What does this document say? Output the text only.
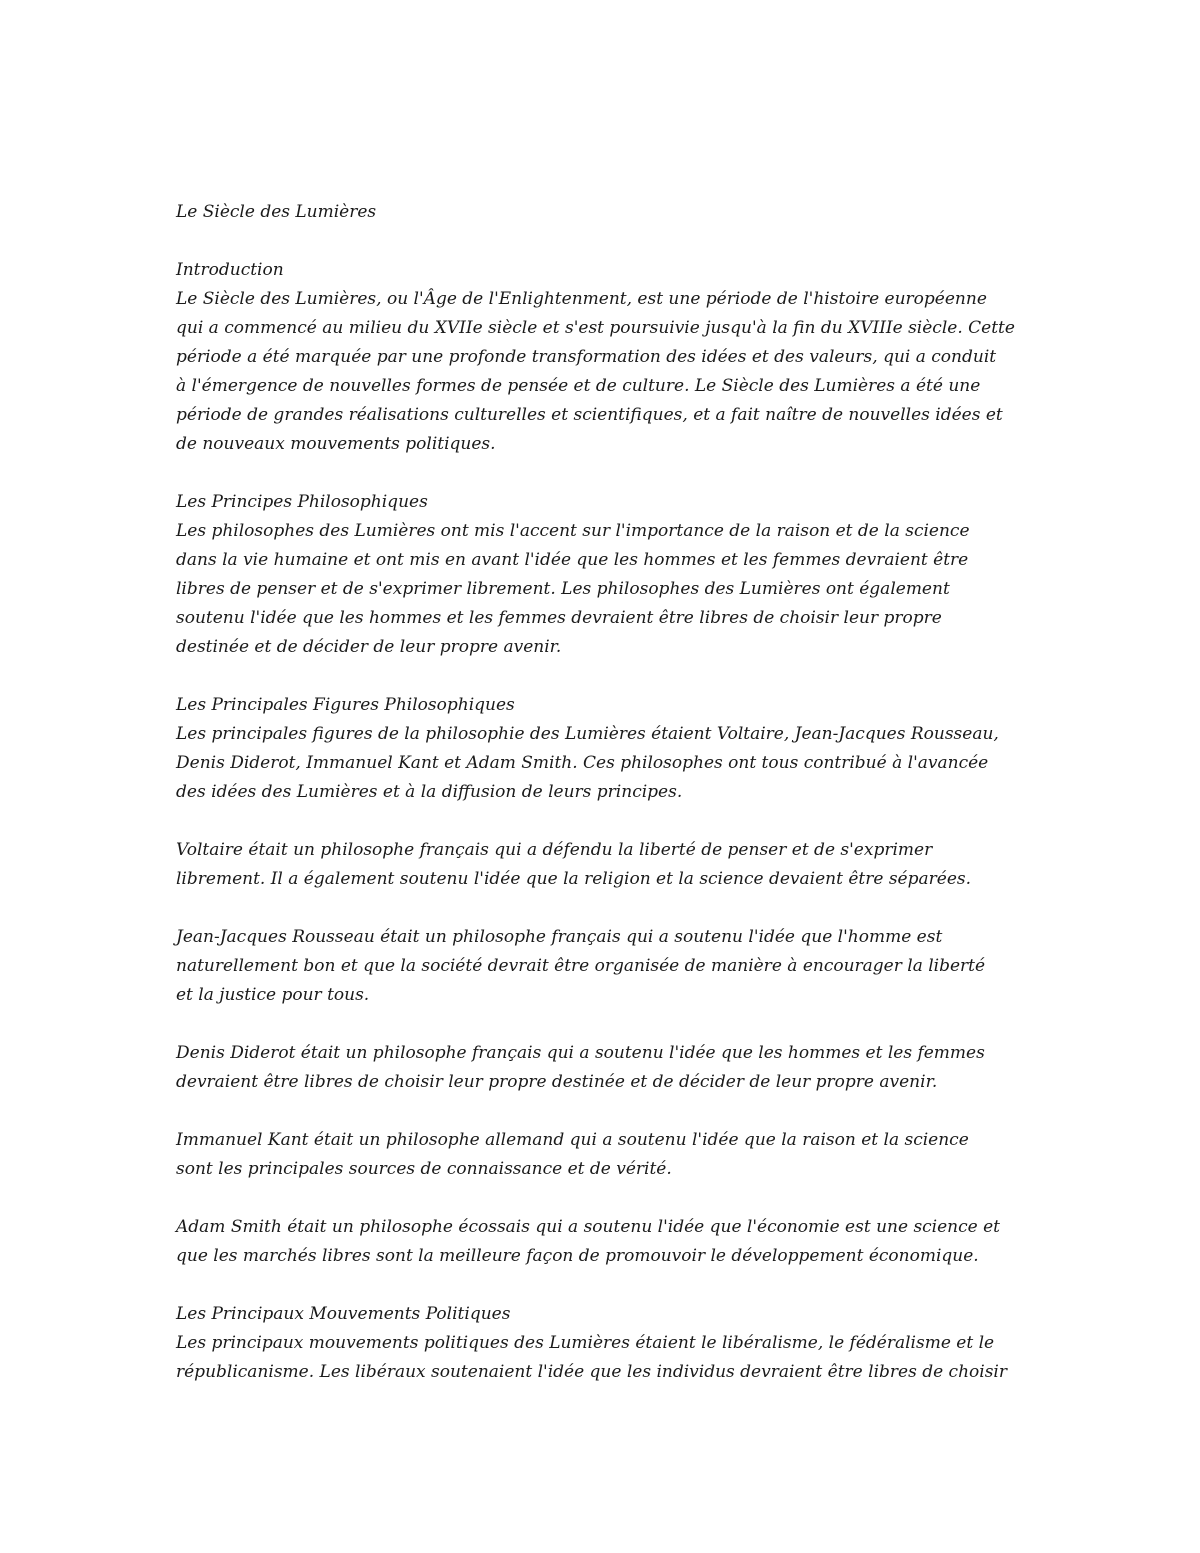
Le Siècle des Lumières
Introduction
Le Siècle des Lumières, ou l'Âge de l'Enlightenment, est une période de l'histoire européenne
qui a commencé au milieu du XVIIe siècle et s'est poursuivie jusqu'à la fin du XVIIIe siècle. Cette
période a été marquée par une profonde transformation des idées et des valeurs, qui a conduit
à l'émergence de nouvelles formes de pensée et de culture. Le Siècle des Lumières a été une
période de grandes réalisations culturelles et scientifiques, et a fait naître de nouvelles idées et
de nouveaux mouvements politiques.
Les Principes Philosophiques
Les philosophes des Lumières ont mis l'accent sur l'importance de la raison et de la science
dans la vie humaine et ont mis en avant l'idée que les hommes et les femmes devraient être
libres de penser et de s'exprimer librement. Les philosophes des Lumières ont également
soutenu l'idée que les hommes et les femmes devraient être libres de choisir leur propre
destinée et de décider de leur propre avenir.
Les Principales Figures Philosophiques
Les principales figures de la philosophie des Lumières étaient Voltaire, Jean-Jacques Rousseau,
Denis Diderot, Immanuel Kant et Adam Smith. Ces philosophes ont tous contribué à l'avancée
des idées des Lumières et à la diffusion de leurs principes.
Voltaire était un philosophe français qui a défendu la liberté de penser et de s'exprimer
librement. Il a également soutenu l'idée que la religion et la science devaient être séparées.
Jean-Jacques Rousseau était un philosophe français qui a soutenu l'idée que l'homme est
naturellement bon et que la société devrait être organisée de manière à encourager la liberté
et la justice pour tous.
Denis Diderot était un philosophe français qui a soutenu l'idée que les hommes et les femmes
devraient être libres de choisir leur propre destinée et de décider de leur propre avenir.
Immanuel Kant était un philosophe allemand qui a soutenu l'idée que la raison et la science
sont les principales sources de connaissance et de vérité.
Adam Smith était un philosophe écossais qui a soutenu l'idée que l'économie est une science et
que les marchés libres sont la meilleure façon de promouvoir le développement économique.
Les Principaux Mouvements Politiques
Les principaux mouvements politiques des Lumières étaient le libéralisme, le fédéralisme et le
républicanisme. Les libéraux soutenaient l'idée que les individus devraient être libres de choisir
